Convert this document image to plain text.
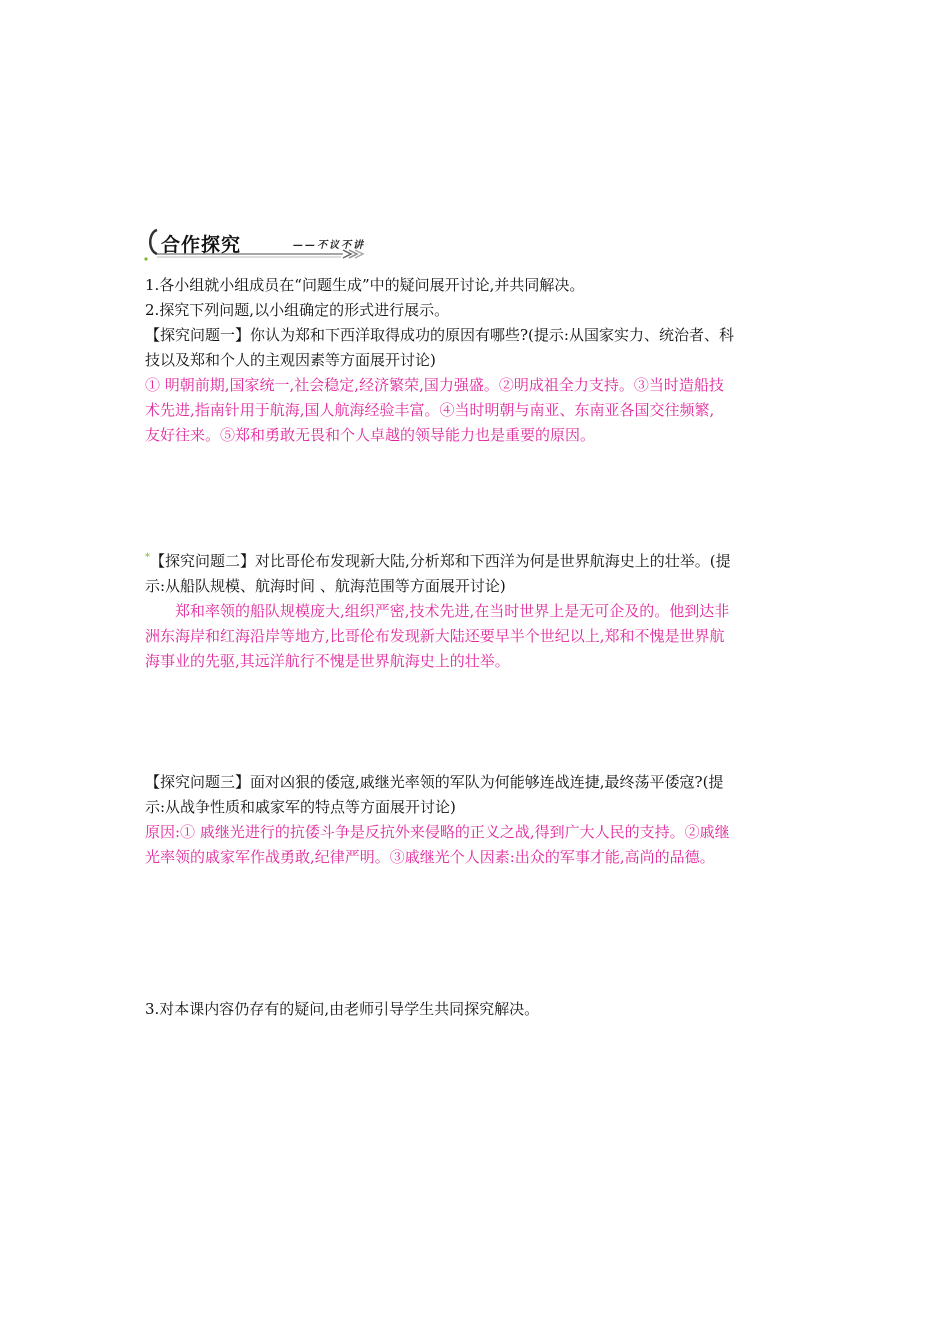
合作探究	——不议不讲
1.各小组就小组成员在“问题生成”中的疑问展开讨论,并共同解决。
2.探究下列问题,以小组确定的形式进行展示。
【探究问题一】你认为郑和下西洋取得成功的原因有哪些?(提示:从国家实力、统治者、科
技以及郑和个人的主观因素等方面展开讨论)
① 明朝前期,国家统一,社会稳定,经济繁荣,国力强盛。②明成祖全力支持。③当时造船技
术先进,指南针用于航海,国人航海经验丰富。④当时明朝与南亚、东南亚各国交往频繁,
友好往来。⑤郑和勇敢无畏和个人卓越的领导能力也是重要的原因。
*【探究问题二】对比哥伦布发现新大陆,分析郑和下西洋为何是世界航海史上的壮举。(提
示:从船队规模、航海时间 、航海范围等方面展开讨论)
郑和率领的船队规模庞大,组织严密,技术先进,在当时世界上是无可企及的。他到达非
洲东海岸和红海沿岸等地方,比哥伦布发现新大陆还要早半个世纪以上,郑和不愧是世界航
海事业的先驱,其远洋航行不愧是世界航海史上的壮举。
【探究问题三】面对凶狠的倭寇,戚继光率领的军队为何能够连战连捷,最终荡平倭寇?(提
示:从战争性质和戚家军的特点等方面展开讨论)
原因:① 戚继光进行的抗倭斗争是反抗外来侵略的正义之战,得到广大人民的支持。②戚继
光率领的戚家军作战勇敢,纪律严明。③戚继光个人因素:出众的军事才能,高尚的品德。
3.对本课内容仍存有的疑问,由老师引导学生共同探究解决。
